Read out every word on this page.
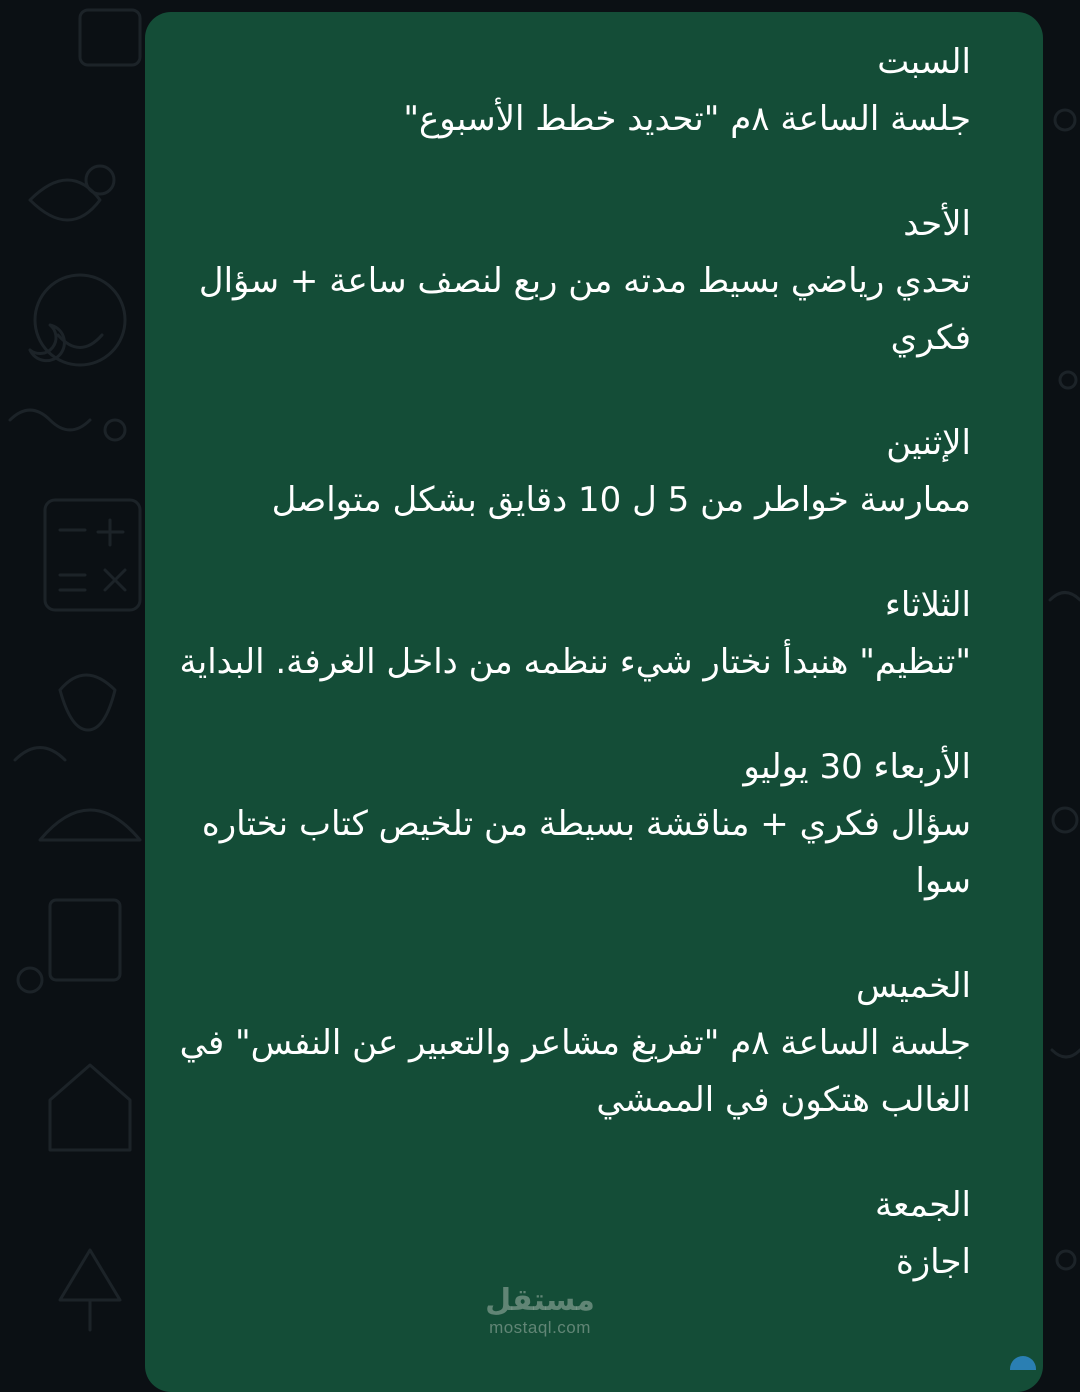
السبت

جلسة الساعة ٨م "تحديد خطط الأسبوع"

الأحد

تحدي رياضي بسيط مدته من ربع لنصف ساعة + سؤال فكري

الإثنين

ممارسة خواطر من 5 ل 10 دقايق بشكل متواصل

الثلاثاء

"تنظيم" هنبدأ نختار شيء ننظمه من داخل الغرفة. البداية

الأربعاء 30 يوليو

سؤال فكري + مناقشة بسيطة من تلخيص كتاب نختاره سوا

الخميس

جلسة الساعة ٨م "تفريغ مشاعر والتعبير عن النفس" في الغالب هتكون في الممشي

الجمعة

اجازة

مستقل
mostaql.com
